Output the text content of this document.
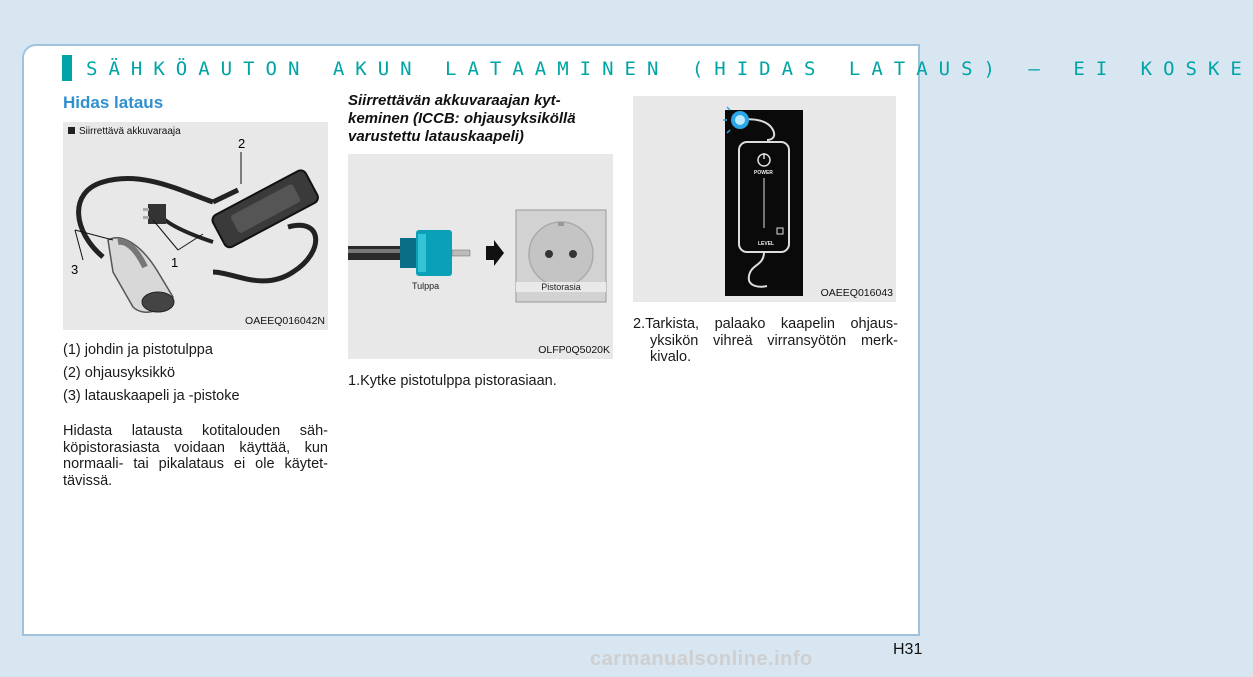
SÄHKÖAUTON AKUN LATAAMINEN (HIDAS LATAUS) – EI KOSKE
Hidas lataus
Siirrettävä akkuvaraaja
2
3	1
OAEEQ016042N

(1) johdin ja pistotulppa

(2) ohjausyksikkö

(3) latauskaapeli ja -pistoke

Hidasta latausta kotitalouden säh-köpistorasiasta voidaan käyttää, kun normaali- tai pikalataus ei ole käytet-tävissä.

Siirrettävän akkuvaraajan kyt-
keminen (ICCB: ohjausyksiköllä
varustettu latauskaapeli)
Tulppa	Pistorasia
OLFP0Q5020K

1.Kytke pistotulppa pistorasiaan.

POWER
LEVEL
OAEEQ016043

2.Tarkista, palaako kaapelin ohjaus-yksikön vihreä virransyötön merk-kivalo.

H31
carmanualsonline.info
